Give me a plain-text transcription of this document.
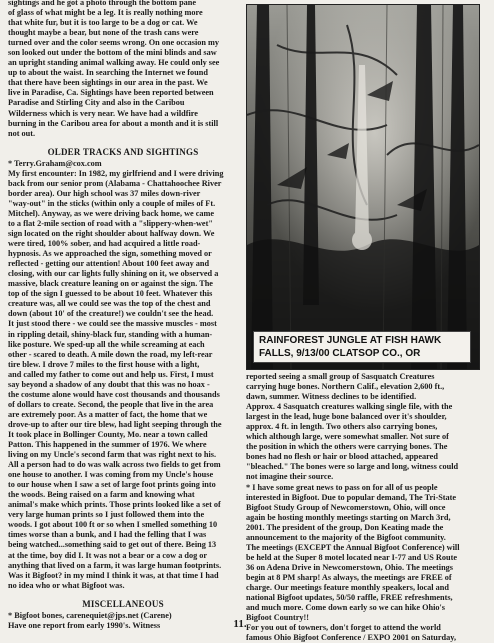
sightings and he got a photo through the bottom pane

of glass of what might be a leg. It is really nothing more

that white fur, but it is too large to be a dog or cat. We

thought maybe a bear, but none of the trash cans were

turned over and the color seems wrong. On one occasion my

son looked out under the bottom of the mini blinds and saw

an upright standing animal walking away. He could only see

up to about the waist. In searching the Internet we found

that there have been sightings in our area in the past. We

live in Paradise, Ca. Sightings have been reported between

Paradise and Stirling City and also in the Caribou

Wilderness which is very near. We have had a wildfire

burning in the Caribou area for about a month and it is still

not out.

OLDER TRACKS AND SIGHTINGS

* Terry.Graham@cox.com

My first encounter: In 1982, my girlfriend and I were driving

back from our senior prom (Alabama - Chattahoochee River

border area). Our high school was 37 miles down-river

"way-out" in the sticks (within only a couple of miles of Ft.

Mitchel). Anyway, as we were driving back home, we came

to a flat 2-mile section of road with a "slippery-when-wet"

sign located on the right shoulder about halfway down. We

were tired, 100% sober, and had acquired a little road-

hypnosis. As we approached the sign, something moved or

reflected - getting our attention! About 100 feet away and

closing, with our car lights fully shining on it, we observed a

massive, black creature leaning on or against the sign. The

top of the sign I guessed to be about 10 feet. Whatever this

creature was, all we could see was the top of the chest and

down (about 10' of the creature!) we couldn't see the head.

It just stood there - we could see the massive muscles - most

in rippling detail, shiny-black fur, standing with a human-

like posture. We sped-up all the while screaming at each

other - scared to death. A mile down the road, my left-rear

tire blew. I drove 7 miles to the first house with a light,

and called my father to come out and help us. First, I must

say beyond a shadow of any doubt that this was no hoax -

the costume alone would have cost thousands and thousands

of dollars to create. Second, the people that live in the area

are extremely poor. As a matter of fact, the home that we

drove-up to after our tire blew, had light seeping through the

It took place in Bollinger County, Mo. near a town called

Patton. This happened in the summer of 1976. We where

living on my Uncle's second farm that was right next to his.

All a person had to do was walk across two fields to get from

one house to another. I was coming from my Uncle's house

to our house when I saw a set of large foot prints going into

the woods. Being raised on a farm and knowing what

animal's make which prints. Those prints looked like a set of

very large human prints so I just followed them into the

woods. I got about 100 ft or so when I smelled something 10

times worse than a bunk, and I had the felling that I was

being watched...something said to get out of there. Being 13

at the time, boy did I. It was not a bear or a cow a dog or

anything that lived on a farm, it was large human footprints.

Was it Bigfoot? in my mind I think it was, at that time I had

no idea who or what Bigfoot was.

MISCELLANEOUS

* Bigfoot bones, carenequiet@jps.net (Carene)

Have one report from early 1990's. Witness

RAINFOREST JUNGLE AT FISH HAWK
FALLS, 9/13/00 CLATSOP CO., OR

reported seeing a small group of Sasquatch Creatures

carrying huge bones. Northern Calif., elevation 2,600 ft.,

dawn, summer. Witness declines to be identified.

Approx. 4 Sasquatch creatures walking single file, with the

largest in the lead, huge bone balanced over it's shoulder,

approx. 4 ft. in length. Two others also carrying bones,

which although large, were somewhat smaller. Not sure of

the position in which the others were carrying bones. The

bones had no flesh or hair or blood attached, appeared

"bleached." The bones were so large and long, witness could

not imagine their source.

* I have some great news to pass on for all of us people

interested in Bigfoot. Due to popular demand, The Tri-State

Bigfoot Study Group of Newcomerstown, Ohio, will once

again be hosting monthly meetings starting on March 3rd,

2001. The president of the group, Don Keating made the

announcement to the majority of the Bigfoot community.

The meetings (EXCEPT the Annual Bigfoot Conference) will

be held at the Super 8 motel located near I-77 and US Route

36 on Adena Drive in Newcomerstown, Ohio. The meetings

begin at 8 PM sharp! As always, the meetings are FREE of

charge. Our meetings feature monthly speakers, local and

national Bigfoot updates, 50/50 raffle, FREE refreshments,

and much more. Come down early so we can hike Ohio's

Bigfoot Country!!

For you out of towners, don't forget to attend the world

famous Ohio Bigfoot Conference / EXPO 2001 on Saturday,

11.
